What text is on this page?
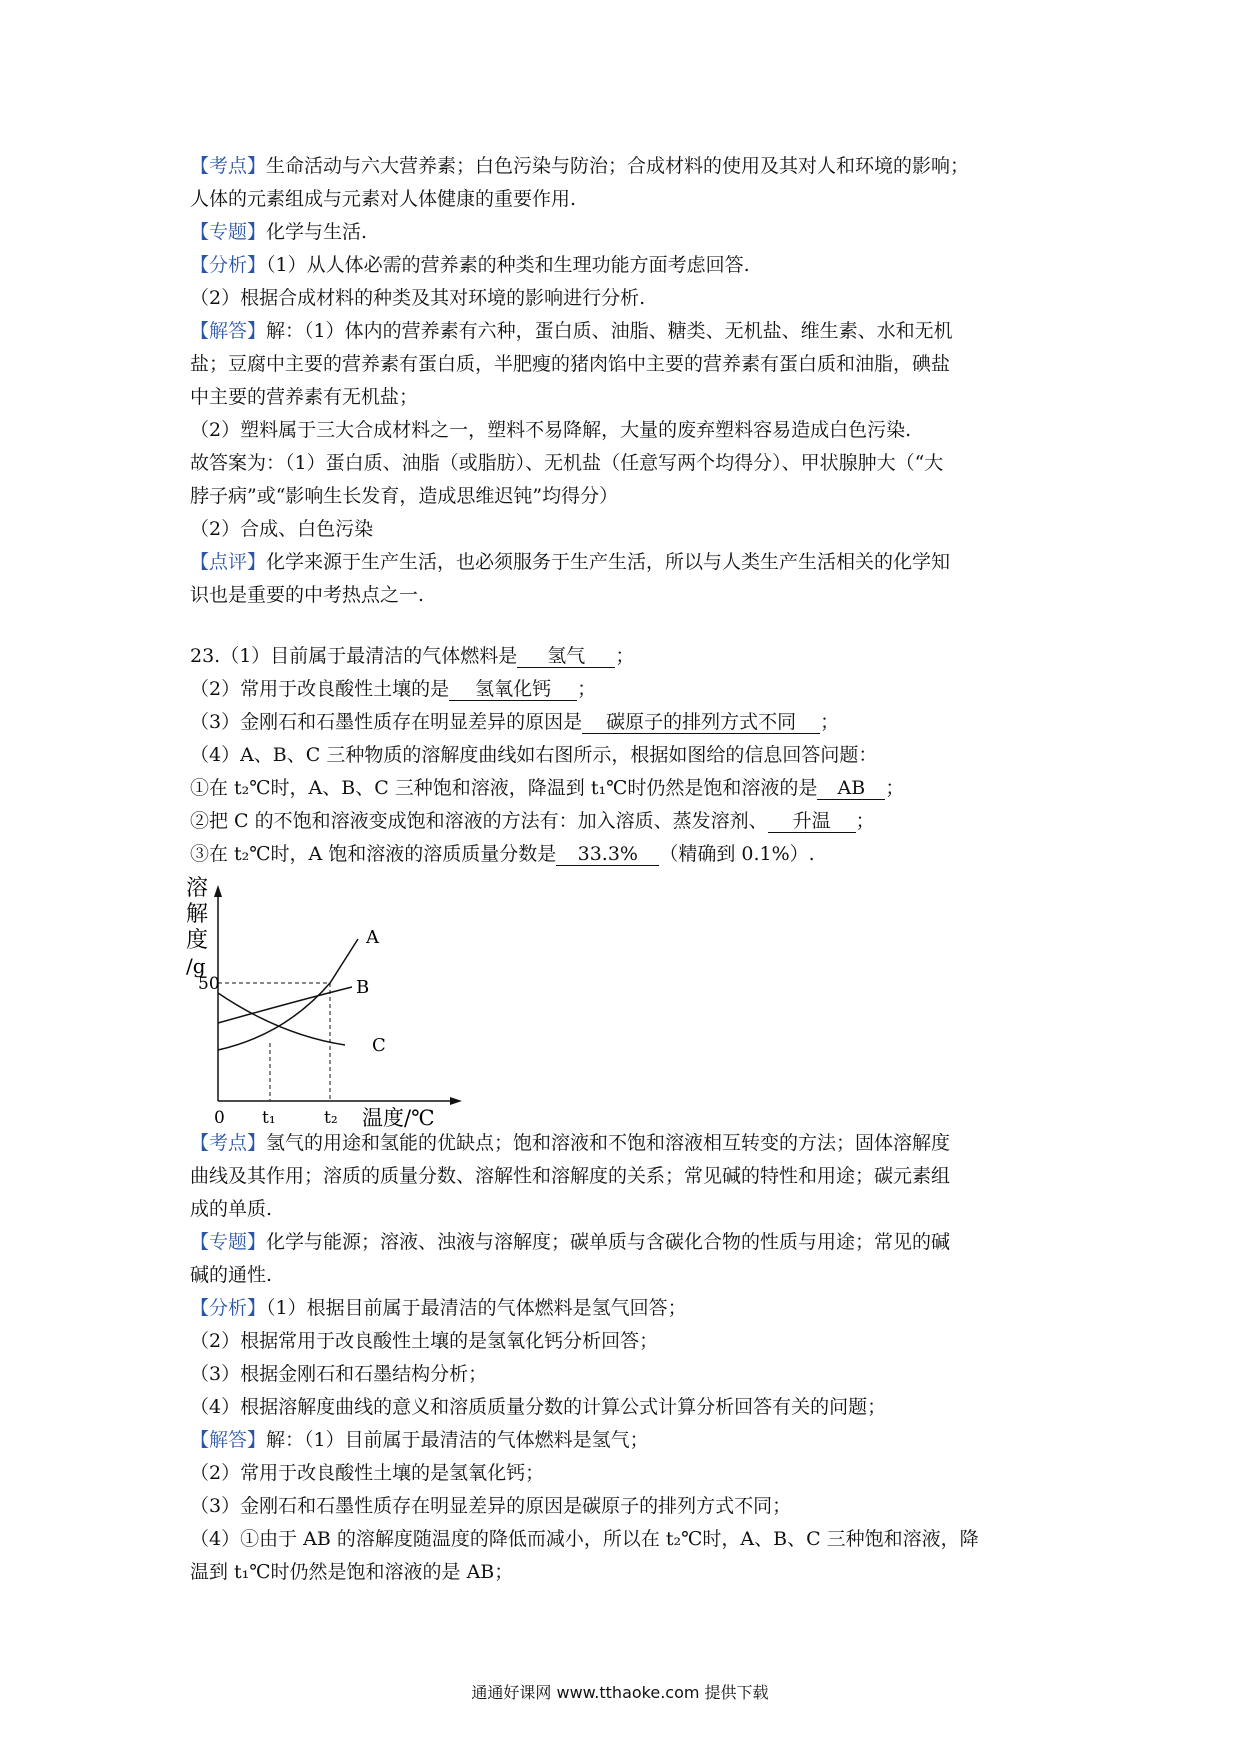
【考点】生命活动与六大营养素；白色污染与防治；合成材料的使用及其对人和环境的影响；
人体的元素组成与元素对人体健康的重要作用.
【专题】化学与生活.
【分析】（1）从人体必需的营养素的种类和生理功能方面考虑回答.
（2）根据合成材料的种类及其对环境的影响进行分析.
【解答】解：（1）体内的营养素有六种，蛋白质、油脂、糖类、无机盐、维生素、水和无机
盐；豆腐中主要的营养素有蛋白质，半肥瘦的猪肉馅中主要的营养素有蛋白质和油脂，碘盐
中主要的营养素有无机盐；
（2）塑料属于三大合成材料之一，塑料不易降解，大量的废弃塑料容易造成白色污染.
故答案为：（1）蛋白质、油脂（或脂肪）、无机盐（任意写两个均得分）、甲状腺肿大（“大
脖子病”或“影响生长发育，造成思维迟钝”均得分）
（2）合成、白色污染
【点评】化学来源于生产生活，也必须服务于生产生活，所以与人类生产生活相关的化学知
识也是重要的中考热点之一.
23.（1）目前属于最清洁的气体燃料是 氢气 ；
（2）常用于改良酸性土壤的是 氢氧化钙 ；
（3）金刚石和石墨性质存在明显差异的原因是 碳原子的排列方式不同 ；
（4）A、B、C 三种物质的溶解度曲线如右图所示，根据如图给的信息回答问题：
①在 t₂℃时，A、B、C 三种饱和溶液，降温到 t₁℃时仍然是饱和溶液的是 AB ；
②把 C 的不饱和溶液变成饱和溶液的方法有：加入溶质、蒸发溶剂、 升温 ；
③在 t₂℃时，A 饱和溶液的溶质质量分数是 33.3% （精确到 0.1%）.
溶
解
度
/g
50
0 t₁	t₂ 温度/℃
A
B
C
【考点】氢气的用途和氢能的优缺点；饱和溶液和不饱和溶液相互转变的方法；固体溶解度
曲线及其作用；溶质的质量分数、溶解性和溶解度的关系；常见碱的特性和用途；碳元素组
成的单质.
【专题】化学与能源；溶液、浊液与溶解度；碳单质与含碳化合物的性质与用途；常见的碱
碱的通性.
【分析】（1）根据目前属于最清洁的气体燃料是氢气回答；
（2）根据常用于改良酸性土壤的是氢氧化钙分析回答；
（3）根据金刚石和石墨结构分析；
（4）根据溶解度曲线的意义和溶质质量分数的计算公式计算分析回答有关的问题；
【解答】解：（1）目前属于最清洁的气体燃料是氢气；
（2）常用于改良酸性土壤的是氢氧化钙；
（3）金刚石和石墨性质存在明显差异的原因是碳原子的排列方式不同；
（4）①由于 AB 的溶解度随温度的降低而减小，所以在 t₂℃时，A、B、C 三种饱和溶液，降
温到 t₁℃时仍然是饱和溶液的是 AB；
通通好课网 www.tthaoke.com 提供下载
